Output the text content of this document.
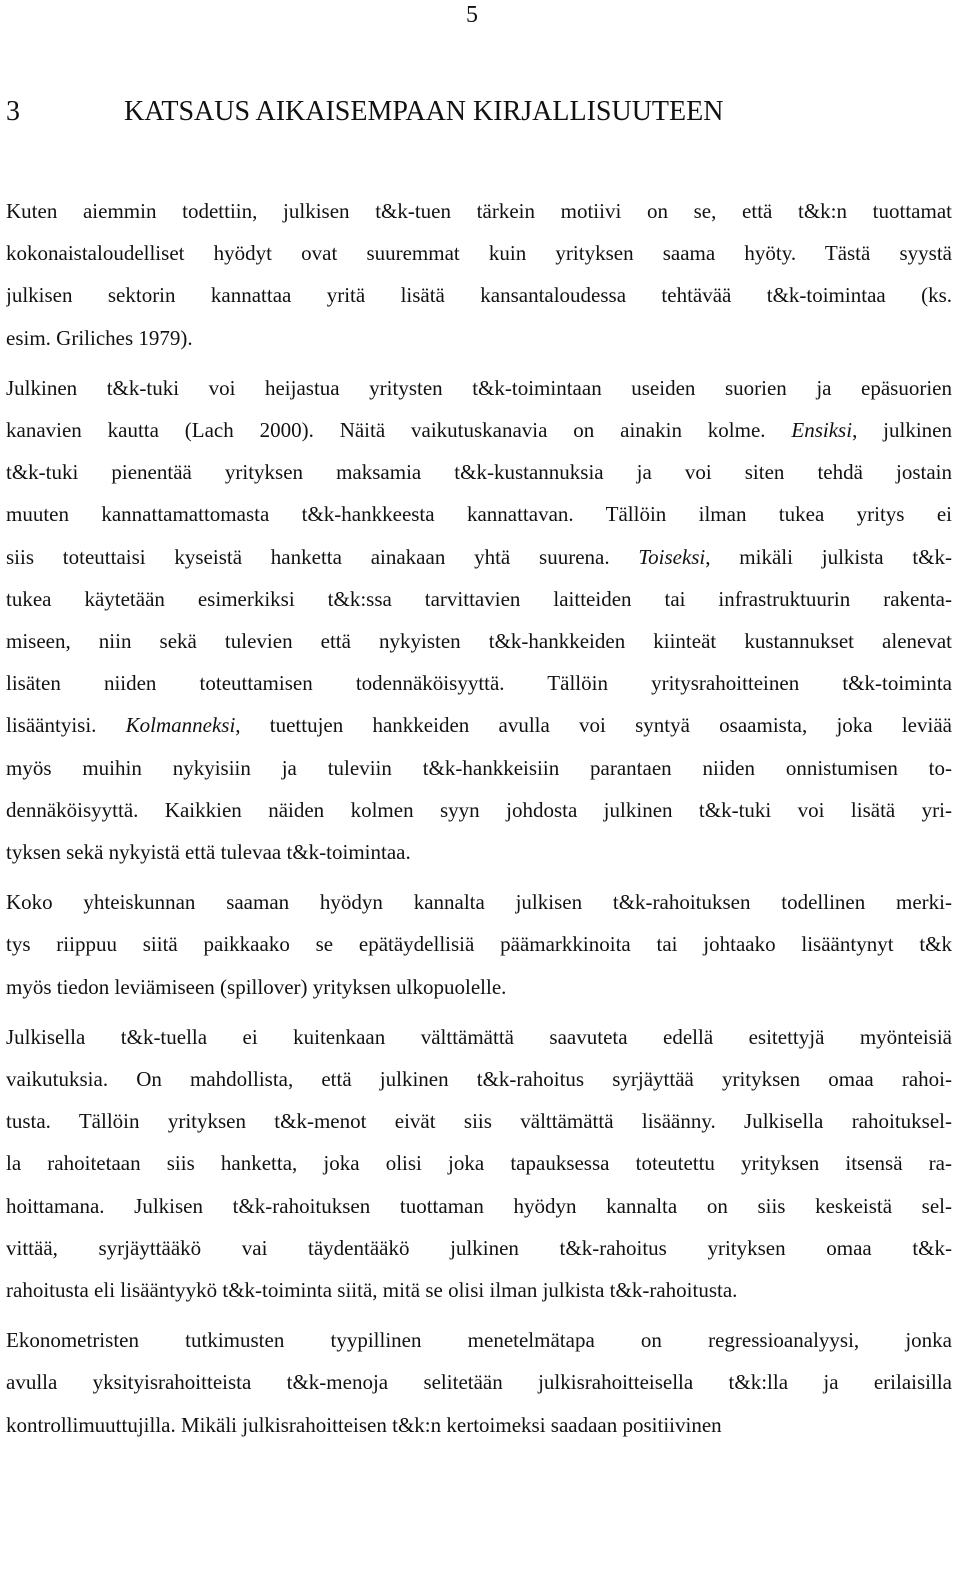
5
3	KATSAUS AIKAISEMPAAN KIRJALLISUUTEEN

Kuten aiemmin todettiin, julkisen t&k-tuen tärkein motiivi on se, että t&k:n tuottamat
kokonaistaloudelliset hyödyt ovat suuremmat kuin yrityksen saama hyöty. Tästä syystä
julkisen sektorin kannattaa yritä lisätä kansantaloudessa tehtävää t&k-toimintaa (ks.
esim. Griliches 1979).

Julkinen t&k-tuki voi heijastua yritysten t&k-toimintaan useiden suorien ja epäsuorien
kanavien kautta (Lach 2000). Näitä vaikutuskanavia on ainakin kolme. Ensiksi, julkinen
t&k-tuki pienentää yrityksen maksamia t&k-kustannuksia ja voi siten tehdä jostain
muuten kannattamattomasta t&k-hankkeesta kannattavan. Tällöin ilman tukea yritys ei
siis toteuttaisi kyseistä hanketta ainakaan yhtä suurena. Toiseksi, mikäli julkista t&k-
tukea käytetään esimerkiksi t&k:ssa tarvittavien laitteiden tai infrastruktuurin rakenta-
miseen, niin sekä tulevien että nykyisten t&k-hankkeiden kiinteät kustannukset alenevat
lisäten niiden toteuttamisen todennäköisyyttä. Tällöin yritysrahoitteinen t&k-toiminta
lisääntyisi. Kolmanneksi, tuettujen hankkeiden avulla voi syntyä osaamista, joka leviää
myös muihin nykyisiin ja tuleviin t&k-hankkeisiin parantaen niiden onnistumisen to-
dennäköisyyttä. Kaikkien näiden kolmen syyn johdosta julkinen t&k-tuki voi lisätä yri-
tyksen sekä nykyistä että tulevaa t&k-toimintaa.

Koko yhteiskunnan saaman hyödyn kannalta julkisen t&k-rahoituksen todellinen merki-
tys riippuu siitä paikkaako se epätäydellisiä päämarkkinoita tai johtaako lisääntynyt t&k
myös tiedon leviämiseen (spillover) yrityksen ulkopuolelle.

Julkisella t&k-tuella ei kuitenkaan välttämättä saavuteta edellä esitettyjä myönteisiä
vaikutuksia. On mahdollista, että julkinen t&k-rahoitus syrjäyttää yrityksen omaa rahoi-
tusta. Tällöin yrityksen t&k-menot eivät siis välttämättä lisäänny. Julkisella rahoituksel-
la rahoitetaan siis hanketta, joka olisi joka tapauksessa toteutettu yrityksen itsensä ra-
hoittamana. Julkisen t&k-rahoituksen tuottaman hyödyn kannalta on siis keskeistä sel-
vittää, syrjäyttääkö vai täydentääkö julkinen t&k-rahoitus yrityksen omaa t&k-
rahoitusta eli lisääntyykö t&k-toiminta siitä, mitä se olisi ilman julkista t&k-rahoitusta.

Ekonometristen tutkimusten tyypillinen menetelmätapa on regressioanalyysi, jonka
avulla yksityisrahoitteista t&k-menoja selitetään julkisrahoitteisella t&k:lla ja erilaisilla
kontrollimuuttujilla. Mikäli julkisrahoitteisen t&k:n kertoimeksi saadaan positiivinen
